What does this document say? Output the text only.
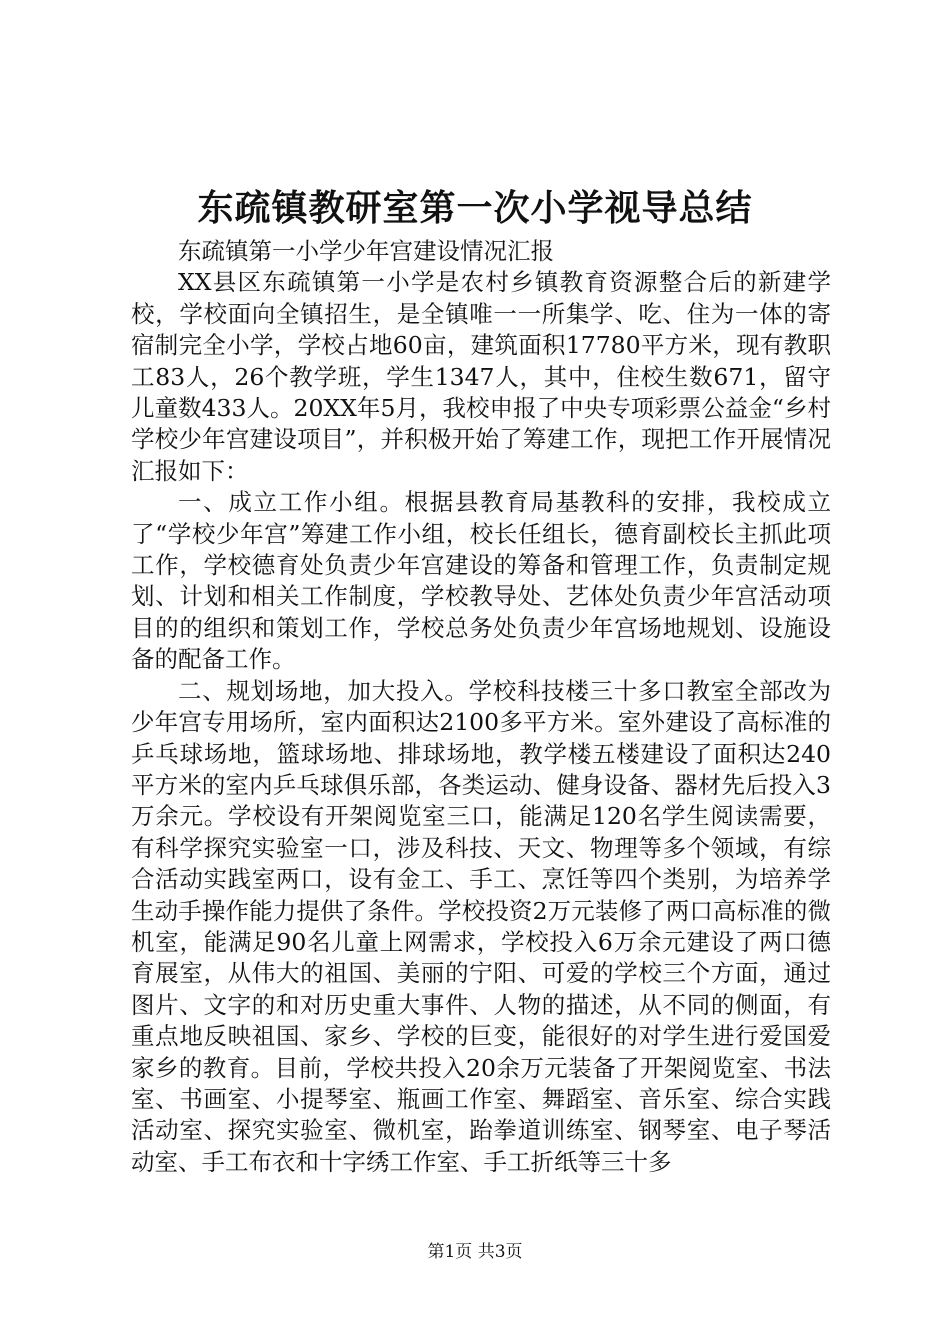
东疏镇教研室第一次小学视导总结

东疏镇第一小学少年宫建设情况汇报

XX县区东疏镇第一小学是农村乡镇教育资源整合后的新建学校，学校面向全镇招生，是全镇唯一一所集学、吃、住为一体的寄宿制完全小学，学校占地60亩，建筑面积17780平方米，现有教职工83人，26个教学班，学生1347人，其中，住校生数671，留守儿童数433人。20XX年5月，我校申报了中央专项彩票公益金“乡村学校少年宫建设项目”，并积极开始了筹建工作，现把工作开展情况汇报如下：

一、成立工作小组。根据县教育局基教科的安排，我校成立了“学校少年宫”筹建工作小组，校长任组长，德育副校长主抓此项工作，学校德育处负责少年宫建设的筹备和管理工作，负责制定规划、计划和相关工作制度，学校教导处、艺体处负责少年宫活动项目的的组织和策划工作，学校总务处负责少年宫场地规划、设施设备的配备工作。

二、规划场地，加大投入。学校科技楼三十多口教室全部改为少年宫专用场所，室内面积达2100多平方米。室外建设了高标准的乒乓球场地，篮球场地、排球场地，教学楼五楼建设了面积达240平方米的室内乒乓球俱乐部，各类运动、健身设备、器材先后投入3万余元。学校设有开架阅览室三口，能满足120名学生阅读需要，有科学探究实验室一口，涉及科技、天文、物理等多个领域，有综合活动实践室两口，设有金工、手工、烹饪等四个类别，为培养学生动手操作能力提供了条件。学校投资2万元装修了两口高标准的微机室，能满足90名儿童上网需求，学校投入6万余元建设了两口德育展室，从伟大的祖国、美丽的宁阳、可爱的学校三个方面，通过图片、文字的和对历史重大事件、人物的描述，从不同的侧面，有重点地反映祖国、家乡、学校的巨变，能很好的对学生进行爱国爱家乡的教育。目前，学校共投入20余万元装备了开架阅览室、书法室、书画室、小提琴室、瓶画工作室、舞蹈室、音乐室、综合实践活动室、探究实验室、微机室，跆拳道训练室、钢琴室、电子琴活动室、手工布衣和十字绣工作室、手工折纸等三十多

第1页 共3页
